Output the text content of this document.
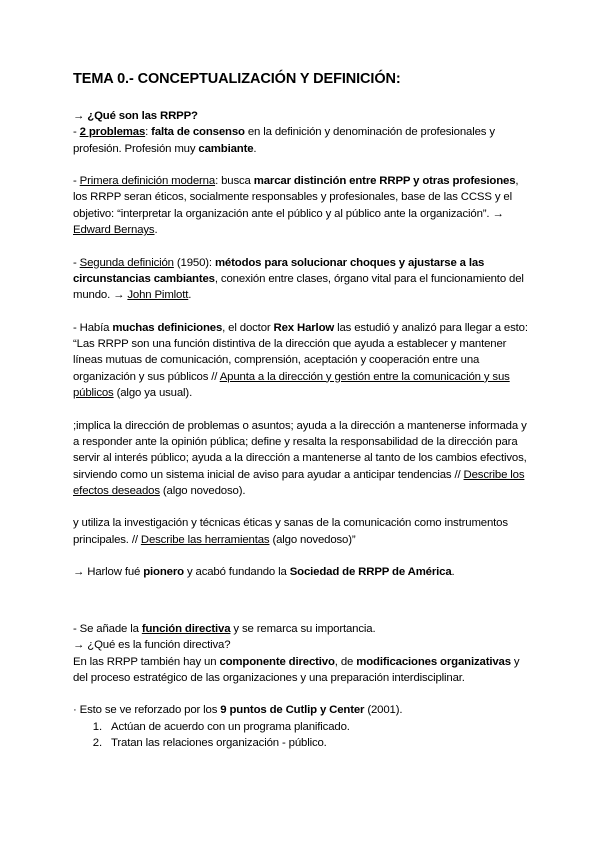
TEMA 0.- CONCEPTUALIZACIÓN Y DEFINICIÓN:

→ ¿Qué son las RRPP?

- 2 problemas: falta de consenso en la definición y denominación de profesionales y profesión. Profesión muy cambiante.

- Primera definición moderna: busca marcar distinción entre RRPP y otras profesiones, los RRPP seran éticos, socialmente responsables y profesionales, base de las CCSS y el objetivo: “interpretar la organización ante el público y al público ante la organización”. → Edward Bernays.

- Segunda definición (1950): métodos para solucionar choques y ajustarse a las circunstancias cambiantes, conexión entre clases, órgano vital para el funcionamiento del mundo. → John Pimlott.

- Había muchas definiciones, el doctor Rex Harlow las estudió y analizó para llegar a esto:

“Las RRPP son una función distintiva de la dirección que ayuda a establecer y mantener líneas mutuas de comunicación, comprensión, aceptación y cooperación entre una organización y sus públicos // Apunta a la dirección y gestión entre la comunicación y sus públicos (algo ya usual).

;implica la dirección de problemas o asuntos; ayuda a la dirección a mantenerse informada y a responder ante la opinión pública; define y resalta la responsabilidad de la dirección para servir al interés público; ayuda a la dirección a mantenerse al tanto de los cambios efectivos, sirviendo como un sistema inicial de aviso para ayudar a anticipar tendencias // Describe los efectos deseados (algo novedoso).

y utiliza la investigación y técnicas éticas y sanas de la comunicación como instrumentos principales. // Describe las herramientas (algo novedoso)”

→ Harlow fué pionero y acabó fundando la Sociedad de RRPP de América.

- Se añade la función directiva y se remarca su importancia.

→ ¿Qué es la función directiva?

En las RRPP también hay un componente directivo, de modificaciones organizativas y del proceso estratégico de las organizaciones y una preparación interdisciplinar.

· Esto se ve reforzado por los 9 puntos de Cutlip y Center (2001).

1. Actúan de acuerdo con un programa planificado.
2. Tratan las relaciones organización - público.
